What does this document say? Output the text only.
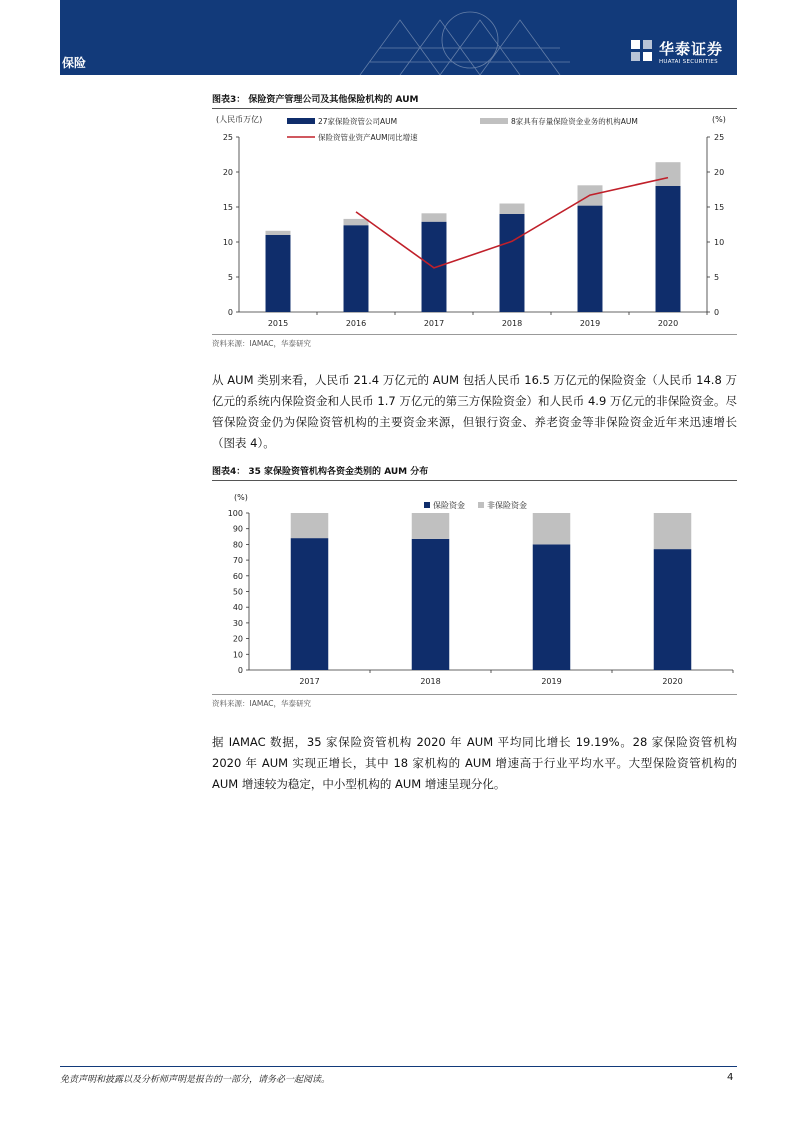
保险
华泰证券
HUATAI SECURITIES
图表3： 保险资产管理公司及其他保险机构的 AUM
(人民币万亿)	(%)
0
5
10
15
20
25
0
5
10
15
20
25
2015	2016	2017	2018	2019	2020
27家保险资管公司AUM	8家具有存量保险资金业务的机构AUM
保险资管业资产AUM同比增速
资料来源：IAMAC，华泰研究
从 AUM 类别来看，人民币 21.4 万亿元的 AUM 包括人民币 16.5 万亿元的保险资金（人民币 14.8 万亿元的系统内保险资金和人民币 1.7 万亿元的第三方保险资金）和人民币 4.9 万亿元的非保险资金。尽管保险资金仍为保险资管机构的主要资金来源，但银行资金、养老资金等非保险资金近年来迅速增长（图表 4）。
图表4： 35 家保险资管机构各资金类别的 AUM 分布
(%)
0
10
20
30
40
50
60
70
80
90
100
2017	2018	2019	2020
保险资金	非保险资金
资料来源：IAMAC，华泰研究
据 IAMAC 数据，35 家保险资管机构 2020 年 AUM 平均同比增长 19.19%。28 家保险资管机构 2020 年 AUM 实现正增长，其中 18 家机构的 AUM 增速高于行业平均水平。大型保险资管机构的 AUM 增速较为稳定，中小型机构的 AUM 增速呈现分化。
免责声明和披露以及分析师声明是报告的一部分，请务必一起阅读。	4
